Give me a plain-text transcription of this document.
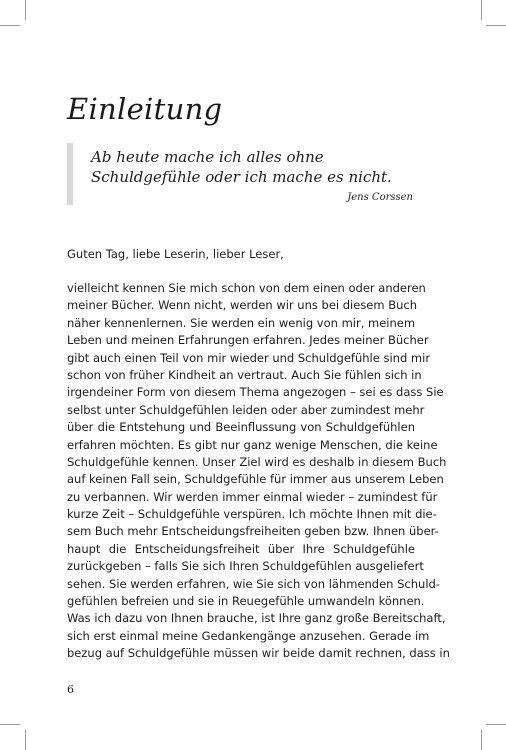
Einleitung
Ab heute mache ich alles ohne
Schuldgefühle oder ich mache es nicht.
Jens Corssen
Guten Tag, liebe Leserin, lieber Leser,
vielleicht kennen Sie mich schon von dem einen oder anderen
meiner Bücher. Wenn nicht, werden wir uns bei diesem Buch
näher kennenlernen. Sie werden ein wenig von mir, meinem
Leben und meinen Erfahrungen erfahren. Jedes meiner Bücher
gibt auch einen Teil von mir wieder und Schuldgefühle sind mir
schon von früher Kindheit an vertraut. Auch Sie fühlen sich in
irgendeiner Form von diesem Thema angezogen – sei es dass Sie
selbst unter Schuldgefühlen leiden oder aber zumindest mehr
über die Entstehung und Beeinflussung von Schuldgefühlen
erfahren möchten. Es gibt nur ganz wenige Menschen, die keine
Schuldgefühle kennen. Unser Ziel wird es deshalb in diesem Buch
auf keinen Fall sein, Schuldgefühle für immer aus unserem Leben
zu verbannen. Wir werden immer einmal wieder – zumindest für
kurze Zeit – Schuldgefühle verspüren. Ich möchte Ihnen mit die-
sem Buch mehr Entscheidungsfreiheiten geben bzw. Ihnen über-
haupt die Entscheidungsfreiheit über Ihre Schuldgefühle
zurückgeben – falls Sie sich Ihren Schuldgefühlen ausgeliefert
sehen. Sie werden erfahren, wie Sie sich von lähmenden Schuld-
gefühlen befreien und sie in Reuegefühle umwandeln können.
Was ich dazu von Ihnen brauche, ist Ihre ganz große Bereitschaft,
sich erst einmal meine Gedankengänge anzusehen. Gerade im
bezug auf Schuldgefühle müssen wir beide damit rechnen, dass in
6
